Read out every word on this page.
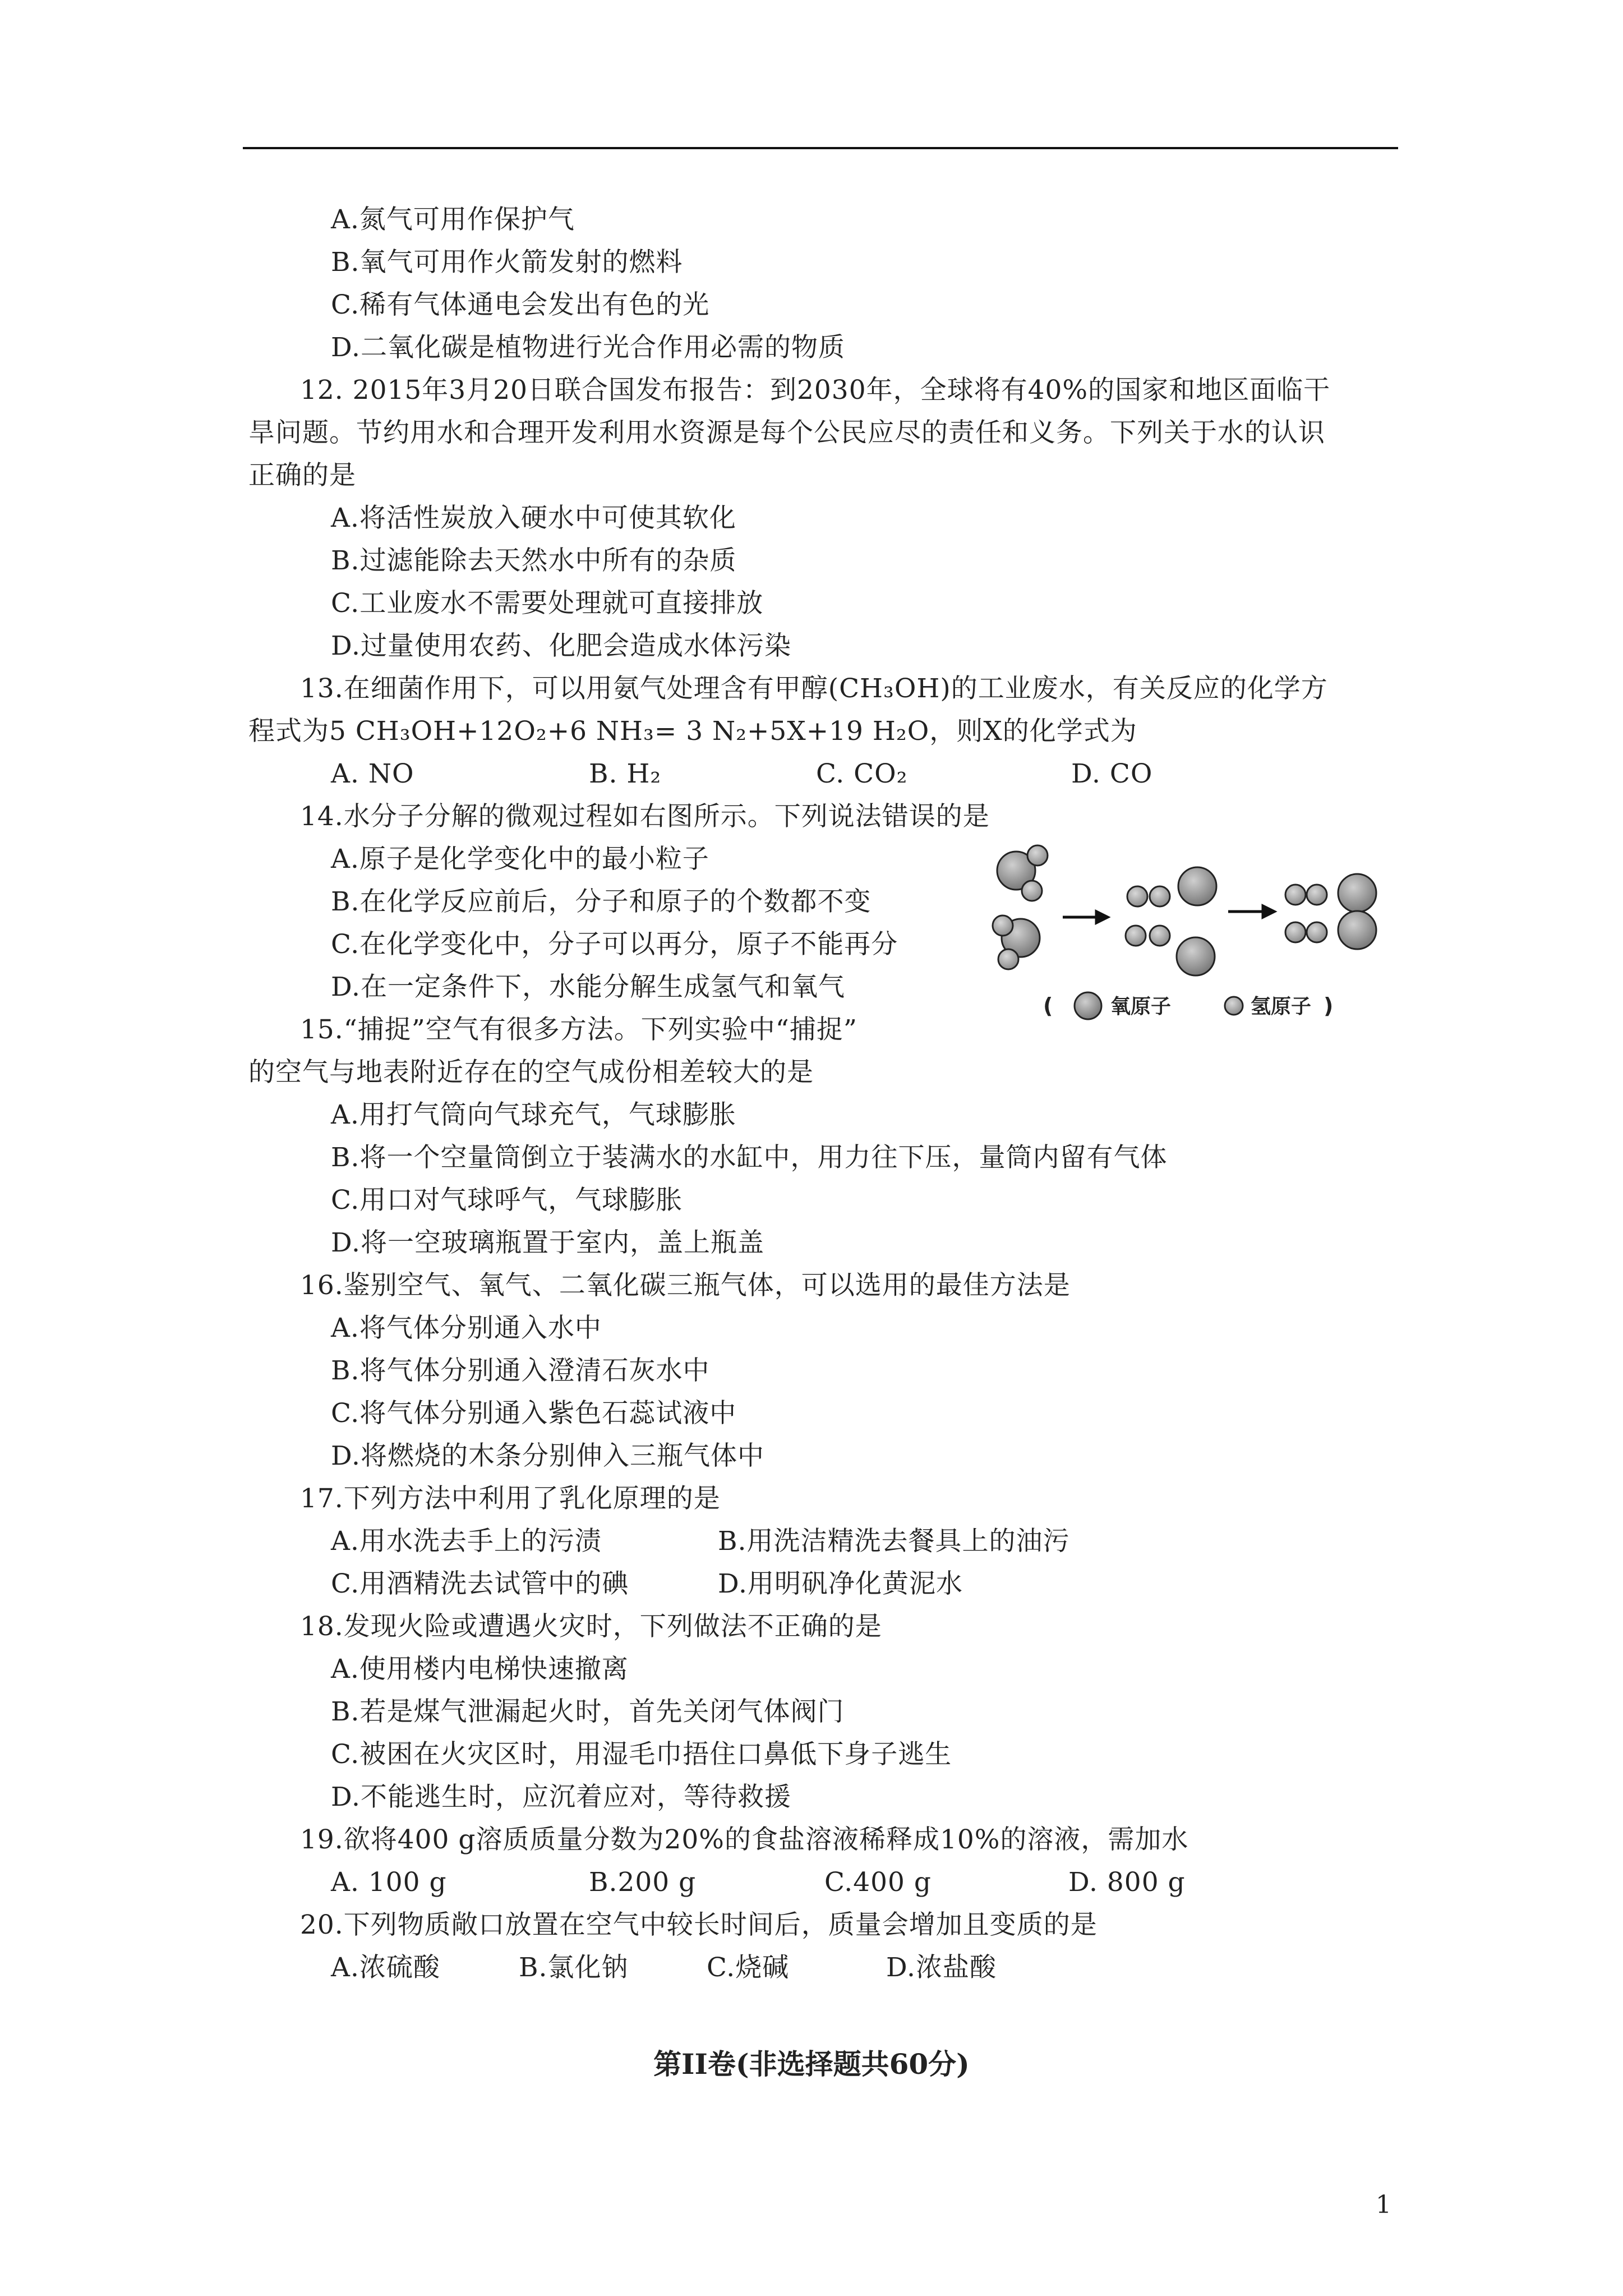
A.氮气可用作保护气
B.氧气可用作火箭发射的燃料
C.稀有气体通电会发出有色的光
D.二氧化碳是植物进行光合作用必需的物质
12. 2015年3月20日联合国发布报告：到2030年，全球将有40%的国家和地区面临干
旱问题。节约用水和合理开发利用水资源是每个公民应尽的责任和义务。下列关于水的认识
正确的是
A.将活性炭放入硬水中可使其软化
B.过滤能除去天然水中所有的杂质
C.工业废水不需要处理就可直接排放
D.过量使用农药、化肥会造成水体污染
13.在细菌作用下，可以用氨气处理含有甲醇(CH₃OH)的工业废水，有关反应的化学方
程式为5 CH₃OH+12O₂+6 NH₃= 3 N₂+5X+19 H₂O，则X的化学式为
A. NO	B. H₂	C. CO₂	D. CO
14.水分子分解的微观过程如右图所示。下列说法错误的是
A.原子是化学变化中的最小粒子
B.在化学反应前后，分子和原子的个数都不变
C.在化学变化中，分子可以再分，原子不能再分
D.在一定条件下，水能分解生成氢气和氧气
(	氧原子	氢原子 )
15.“捕捉”空气有很多方法。下列实验中“捕捉”
的空气与地表附近存在的空气成份相差较大的是
A.用打气筒向气球充气，气球膨胀
B.将一个空量筒倒立于装满水的水缸中，用力往下压，量筒内留有气体
C.用口对气球呼气，气球膨胀
D.将一空玻璃瓶置于室内，盖上瓶盖
16.鉴别空气、氧气、二氧化碳三瓶气体，可以选用的最佳方法是
A.将气体分别通入水中
B.将气体分别通入澄清石灰水中
C.将气体分别通入紫色石蕊试液中
D.将燃烧的木条分别伸入三瓶气体中
17.下列方法中利用了乳化原理的是
A.用水洗去手上的污渍	B.用洗洁精洗去餐具上的油污
C.用酒精洗去试管中的碘	D.用明矾净化黄泥水
18.发现火险或遭遇火灾时，下列做法不正确的是
A.使用楼内电梯快速撤离
B.若是煤气泄漏起火时，首先关闭气体阀门
C.被困在火灾区时，用湿毛巾捂住口鼻低下身子逃生
D.不能逃生时，应沉着应对，等待救援
19.欲将400 g溶质质量分数为20%的食盐溶液稀释成10%的溶液，需加水
A. 100 g	B.200 g	C.400 g	D. 800 g
20.下列物质敞口放置在空气中较长时间后，质量会增加且变质的是
A.浓硫酸	B.氯化钠	C.烧碱	D.浓盐酸
第II卷(非选择题共60分)
1
